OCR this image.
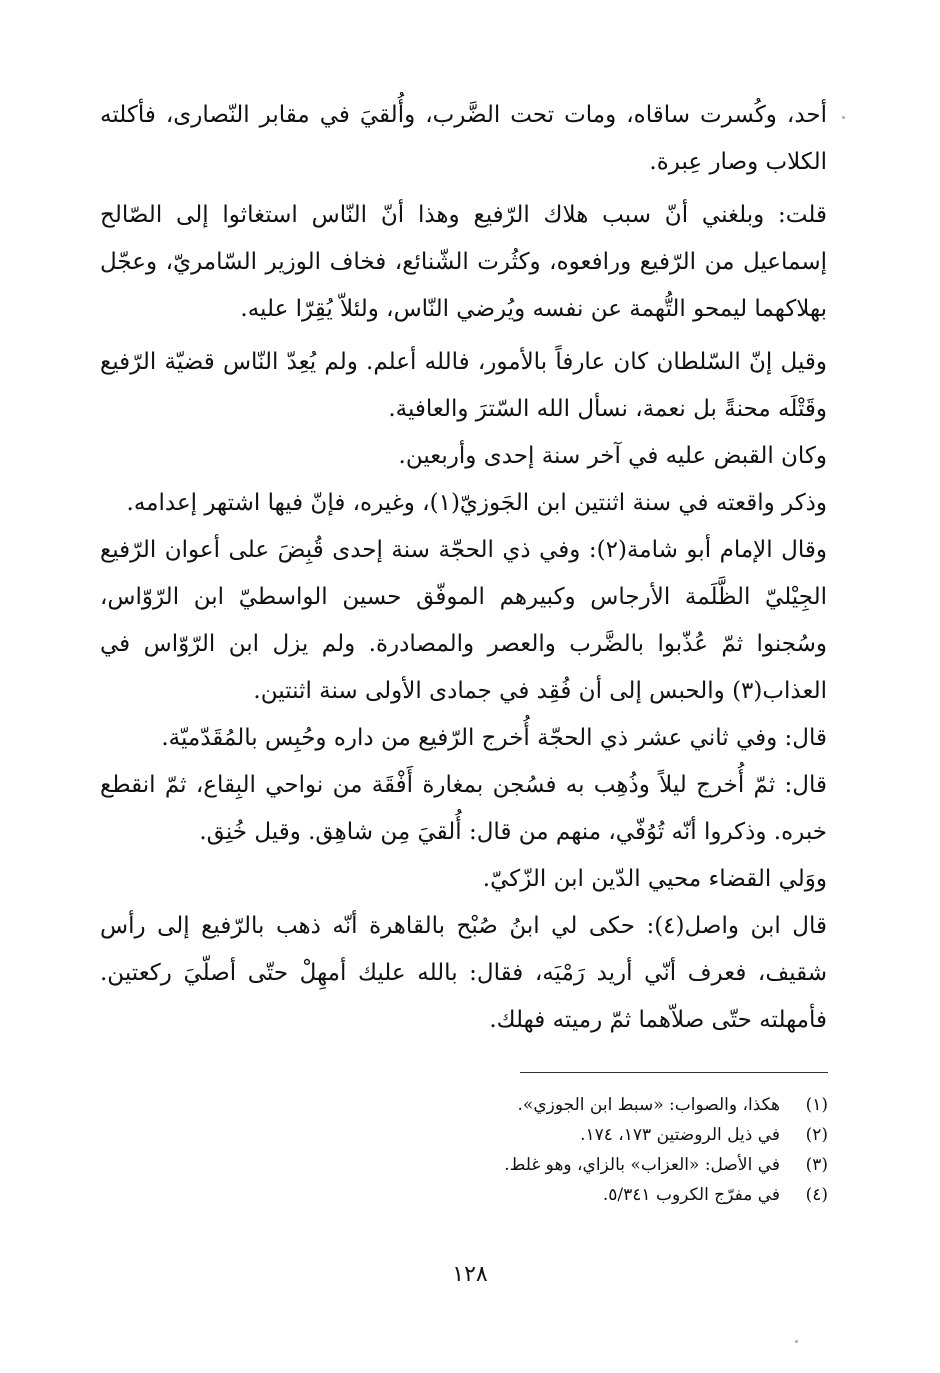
أحد، وكُسرت ساقاه، ومات تحت الضَّرب، وأُلقيَ في مقابر النّصارى، فأكلته الكلاب وصار عِبرة.

قلت: وبلغني أنّ سبب هلاك الرّفيع وهذا أنّ النّاس استغاثوا إلى الصّالح إسماعيل من الرّفيع ورافعوه، وكثُرت الشّنائع، فخاف الوزير السّامريّ، وعجّل بهلاكهما ليمحو التُّهمة عن نفسه ويُرضي النّاس، ولئلاّ يُقِرّا عليه.

وقيل إنّ السّلطان كان عارفاً بالأمور، فالله أعلم. ولم يُعِدّ النّاس قضيّة الرّفيع وقَتْلَه محنةً بل نعمة، نسأل الله السّترَ والعافية.

وكان القبض عليه في آخر سنة إحدى وأربعين.

وذكر واقعته في سنة اثنتين ابن الجَوزيّ(١)، وغيره، فإنّ فيها اشتهر إعدامه.

وقال الإمام أبو شامة(٢): وفي ذي الحجّة سنة إحدى قُبِضَ على أعوان الرّفيع الجِيْليّ الظَّلَمة الأرجاس وكبيرهم الموفّق حسين الواسطيّ ابن الرّوّاس، وسُجنوا ثمّ عُذّبوا بالضَّرب والعصر والمصادرة. ولم يزل ابن الرّوّاس في العذاب(٣) والحبس إلى أن فُقِد في جمادى الأولى سنة اثنتين.

قال: وفي ثاني عشر ذي الحجّة أُخرج الرّفيع من داره وحُبِس بالمُقَدّميّة.

قال: ثمّ أُخرج ليلاً وذُهِب به فسُجن بمغارة أَفْقَة من نواحي البِقاع، ثمّ انقطع خبره. وذكروا أنّه تُوُفّي، منهم من قال: أُلقيَ مِن شاهِق. وقيل خُنِق.

ووَلي القضاء محيي الدّين ابن الزّكيّ.

قال ابن واصل(٤): حكى لي ابنُ صُبْح بالقاهرة أنّه ذهب بالرّفيع إلى رأس شقيف، فعرف أنّي أريد رَمْيَه، فقال: بالله عليك أمهِلْ حتّى أصلّيَ ركعتين. فأمهلته حتّى صلاّهما ثمّ رميته فهلك.

(١)
هكذا، والصواب: «سبط ابن الجوزي».
(٢)
في ذيل الروضتين ١٧٣، ١٧٤.
(٣)
في الأصل: «العزاب» بالزاي، وهو غلط.
(٤)
في مفرّج الكروب ٥/٣٤١.
١٢٨
